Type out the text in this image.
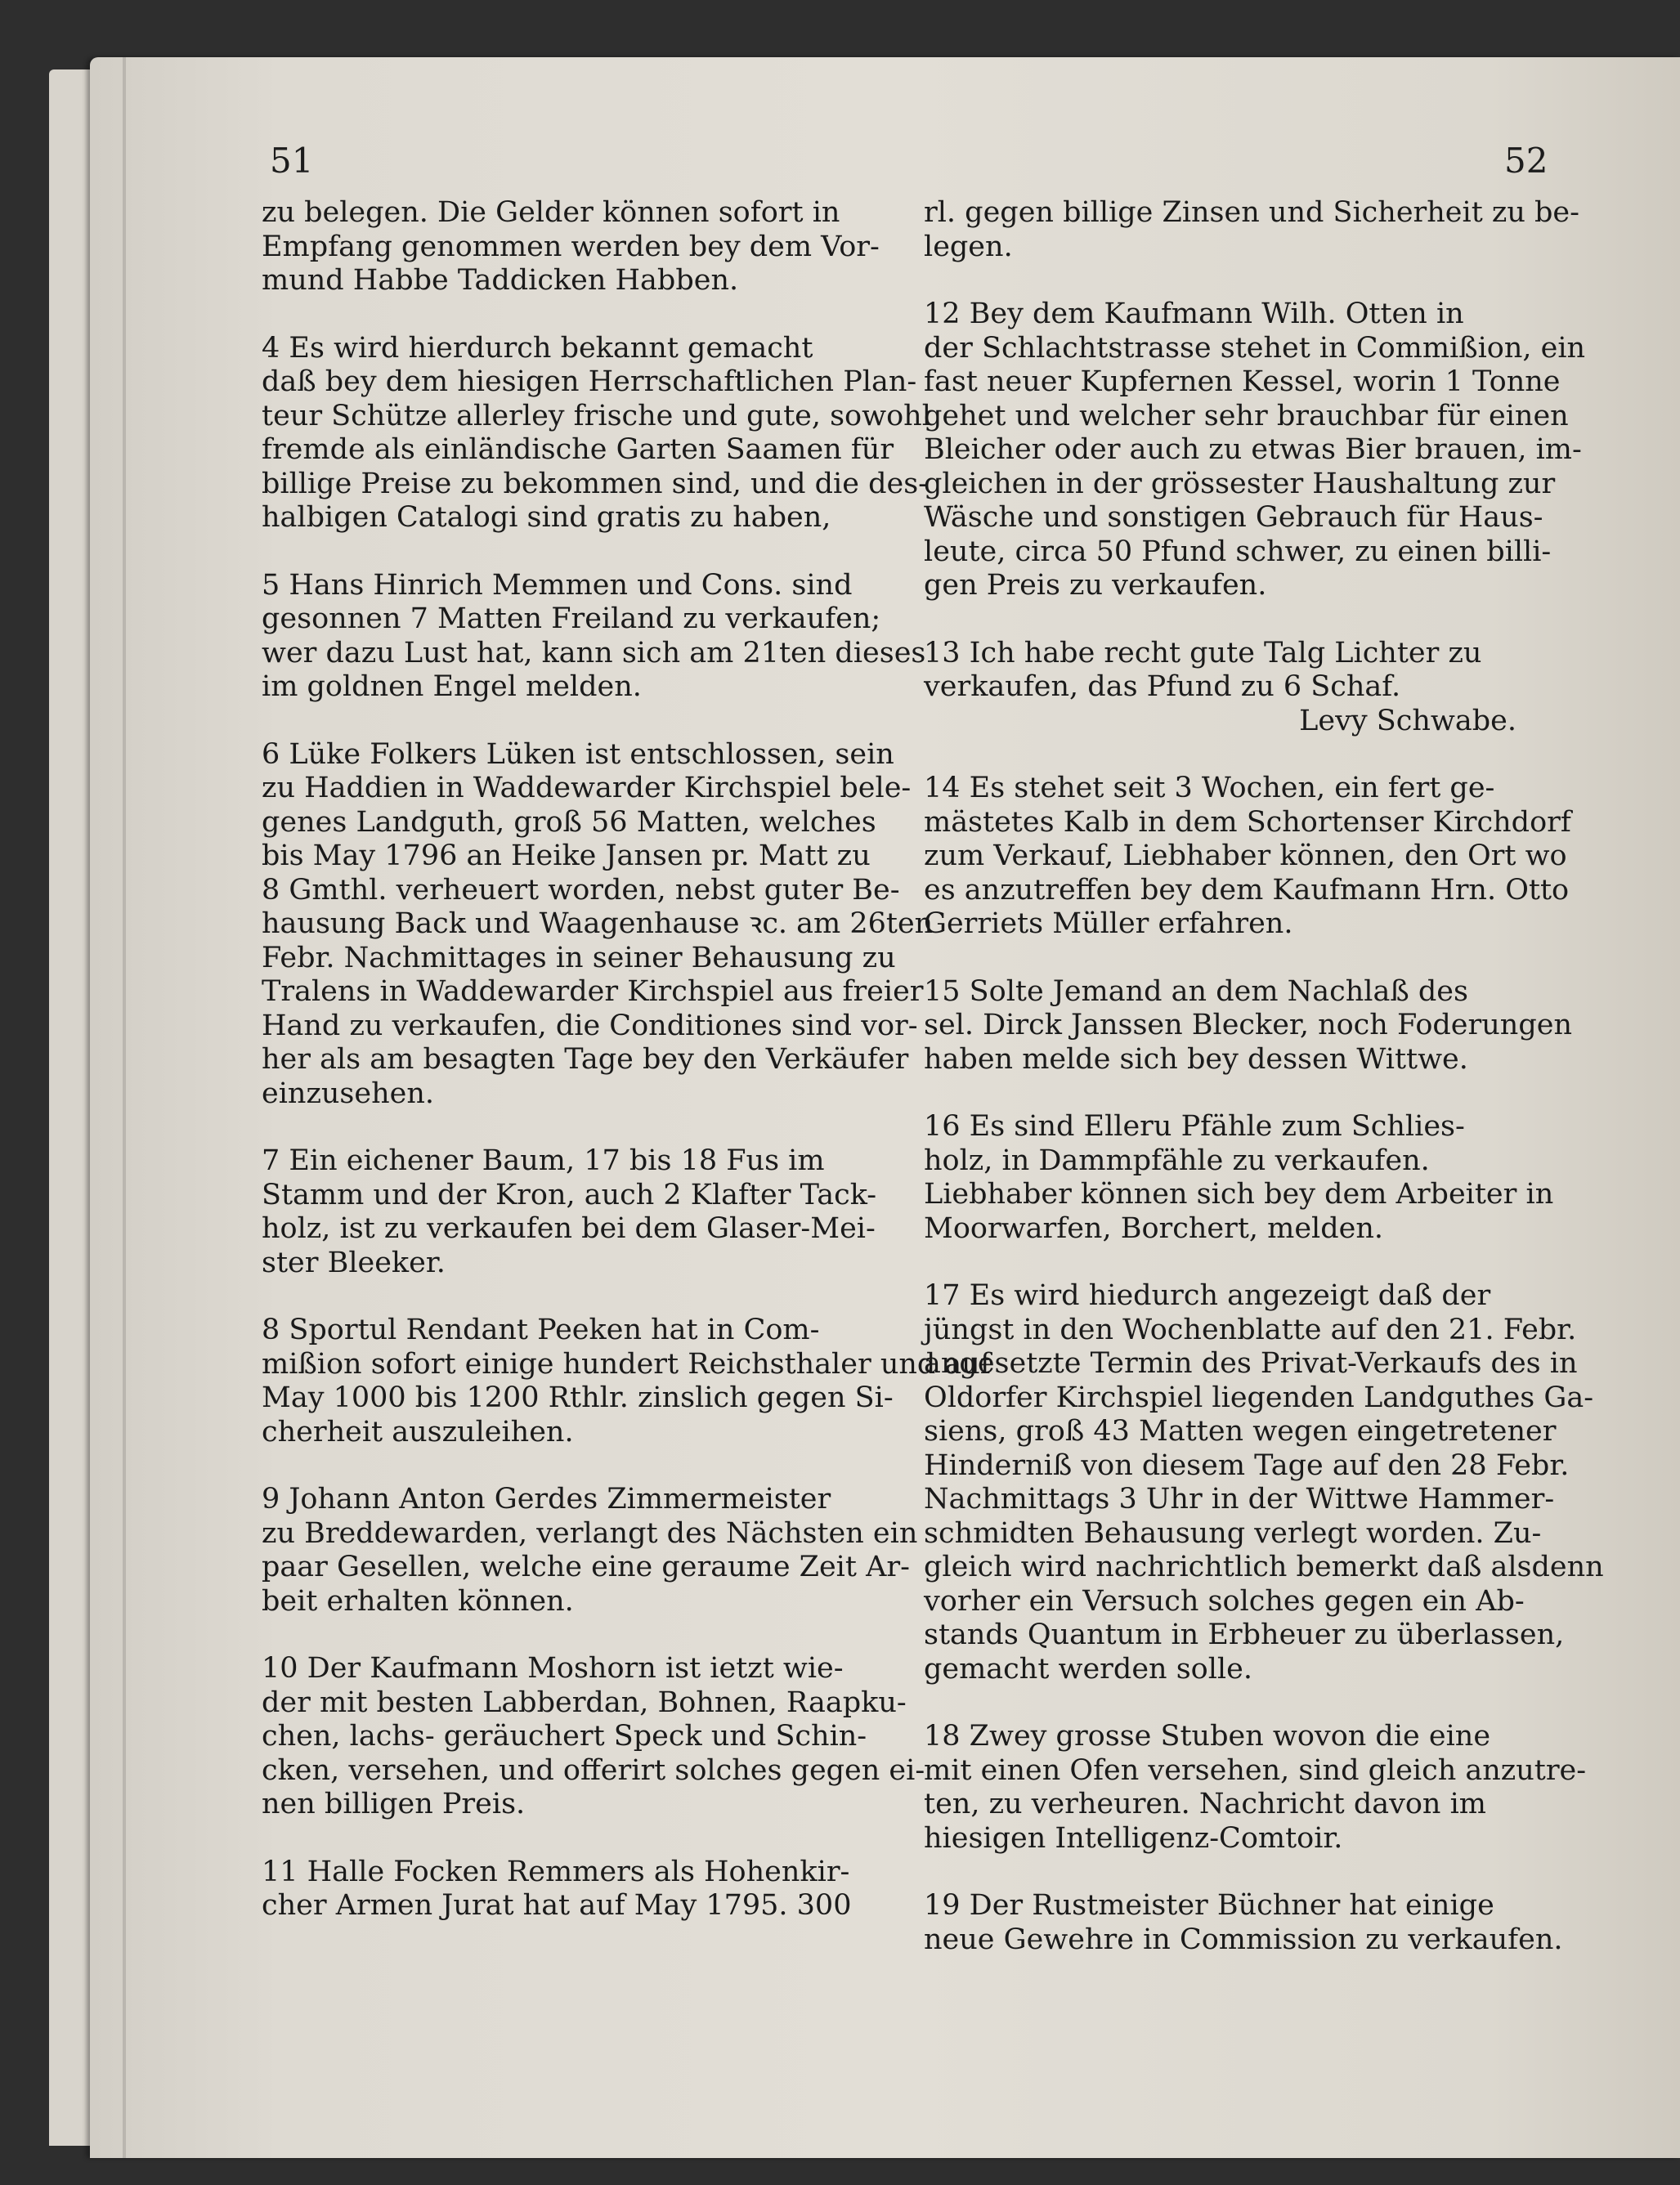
51	52
zu belegen. Die Gelder können sofort in
Empfang genommen werden bey dem Vor-
mund Habbe Taddicken Habben.
4 Es wird hierdurch bekannt gemacht
daß bey dem hiesigen Herrschaftlichen Plan-
teur Schütze allerley frische und gute, sowohl
fremde als einländische Garten Saamen für
billige Preise zu bekommen sind, und die des-
halbigen Catalogi sind gratis zu haben,
5 Hans Hinrich Memmen und Cons. sind
gesonnen 7 Matten Freiland zu verkaufen;
wer dazu Lust hat, kann sich am 21ten dieses
im goldnen Engel melden.
6 Lüke Folkers Lüken ist entschlossen, sein
zu Haddien in Waddewarder Kirchspiel bele-
genes Landguth, groß 56 Matten, welches
bis May 1796 an Heike Jansen pr. Matt zu
8 Gmthl. verheuert worden, nebst guter Be-
hausung Back und Waagenhause ꝛc. am 26ten
Febr. Nachmittages in seiner Behausung zu
Tralens in Waddewarder Kirchspiel aus freier
Hand zu verkaufen, die Conditiones sind vor-
her als am besagten Tage bey den Verkäufer
einzusehen.
7 Ein eichener Baum, 17 bis 18 Fus im
Stamm und der Kron, auch 2 Klafter Tack-
holz, ist zu verkaufen bei dem Glaser-Mei-
ster Bleeker.
8 Sportul Rendant Peeken hat in Com-
mißion sofort einige hundert Reichsthaler und auf
May 1000 bis 1200 Rthlr. zinslich gegen Si-
cherheit auszuleihen.
9 Johann Anton Gerdes Zimmermeister
zu Breddewarden, verlangt des Nächsten ein
paar Gesellen, welche eine geraume Zeit Ar-
beit erhalten können.
10 Der Kaufmann Moshorn ist ietzt wie-
der mit besten Labberdan, Bohnen, Raapku-
chen, lachs- geräuchert Speck und Schin-
cken, versehen, und offerirt solches gegen ei-
nen billigen Preis.
11 Halle Focken Remmers als Hohenkir-
cher Armen Jurat hat auf May 1795. 300
rl. gegen billige Zinsen und Sicherheit zu be-
legen.
12 Bey dem Kaufmann Wilh. Otten in
der Schlachtstrasse stehet in Commißion, ein
fast neuer Kupfernen Kessel, worin 1 Tonne
gehet und welcher sehr brauchbar für einen
Bleicher oder auch zu etwas Bier brauen, im-
gleichen in der grössester Haushaltung zur
Wäsche und sonstigen Gebrauch für Haus-
leute, circa 50 Pfund schwer, zu einen billi-
gen Preis zu verkaufen.
13 Ich habe recht gute Talg Lichter zu
verkaufen, das Pfund zu 6 Schaf.
Levy Schwabe.
14 Es stehet seit 3 Wochen, ein fert ge-
mästetes Kalb in dem Schortenser Kirchdorf
zum Verkauf, Liebhaber können, den Ort wo
es anzutreffen bey dem Kaufmann Hrn. Otto
Gerriets Müller erfahren.
15 Solte Jemand an dem Nachlaß des
sel. Dirck Janssen Blecker, noch Foderungen
haben melde sich bey dessen Wittwe.
16 Es sind Elleru Pfähle zum Schlies-
holz, in Dammpfähle zu verkaufen.
Liebhaber können sich bey dem Arbeiter in
Moorwarfen, Borchert, melden.
17 Es wird hiedurch angezeigt daß der
jüngst in den Wochenblatte auf den 21. Febr.
angesetzte Termin des Privat-Verkaufs des in
Oldorfer Kirchspiel liegenden Landguthes Ga-
siens, groß 43 Matten wegen eingetretener
Hinderniß von diesem Tage auf den 28 Febr.
Nachmittags 3 Uhr in der Wittwe Hammer-
schmidten Behausung verlegt worden. Zu-
gleich wird nachrichtlich bemerkt daß alsdenn
vorher ein Versuch solches gegen ein Ab-
stands Quantum in Erbheuer zu überlassen,
gemacht werden solle.
18 Zwey grosse Stuben wovon die eine
mit einen Ofen versehen, sind gleich anzutre-
ten, zu verheuren. Nachricht davon im
hiesigen Intelligenz-Comtoir.
19 Der Rustmeister Büchner hat einige
neue Gewehre in Commission zu verkaufen.
